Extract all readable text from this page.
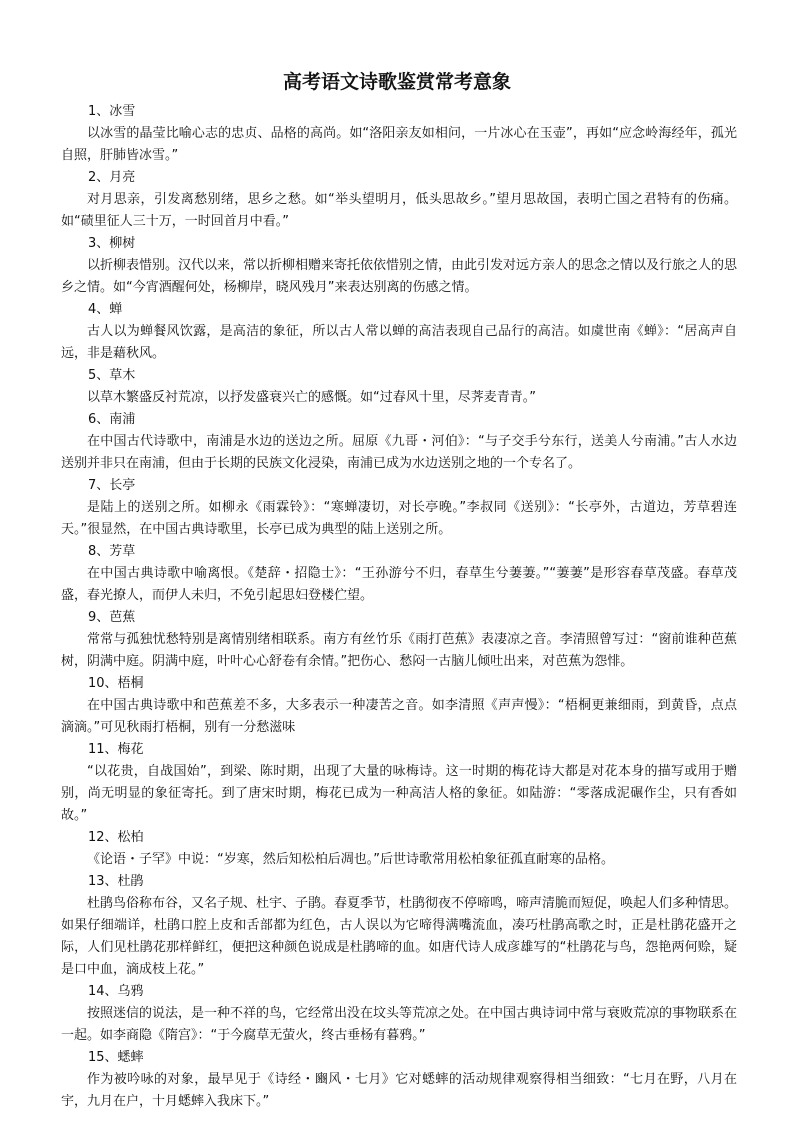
高考语文诗歌鉴赏常考意象
1、冰雪

以冰雪的晶莹比喻心志的忠贞、品格的高尚。如“洛阳亲友如相问，一片冰心在玉壶”，再如“应念岭海经年，孤光自照，肝肺皆冰雪。”

2、月亮

对月思亲，引发离愁别绪，思乡之愁。如“举头望明月，低头思故乡。”望月思故国，表明亡国之君特有的伤痛。如“碛里征人三十万，一时回首月中看。”

3、柳树

以折柳表惜别。汉代以来，常以折柳相赠来寄托依依惜别之情，由此引发对远方亲人的思念之情以及行旅之人的思乡之情。如“今宵酒醒何处，杨柳岸，晓风残月”来表达别离的伤感之情。

4、蝉

古人以为蝉餐风饮露，是高洁的象征，所以古人常以蝉的高洁表现自己品行的高洁。如虞世南《蝉》：“居高声自远，非是藉秋风。

5、草木

以草木繁盛反衬荒凉，以抒发盛衰兴亡的感慨。如“过春风十里，尽荠麦青青。”

6、南浦

在中国古代诗歌中，南浦是水边的送边之所。屈原《九哥・河伯》：“与子交手兮东行，送美人兮南浦。”古人水边送别并非只在南浦，但由于长期的民族文化浸染，南浦已成为水边送别之地的一个专名了。

7、长亭

是陆上的送别之所。如柳永《雨霖铃》：“寒蝉凄切，对长亭晚。”李叔同《送别》：“长亭外，古道边，芳草碧连天。”很显然，在中国古典诗歌里，长亭已成为典型的陆上送别之所。

8、芳草

在中国古典诗歌中喻离恨。《楚辞・招隐士》：“王孙游兮不归，春草生兮萋萋。”“萋萋”是形容春草茂盛。春草茂盛，春光撩人，而伊人未归，不免引起思妇登楼伫望。

9、芭蕉

常常与孤独忧愁特别是离情别绪相联系。南方有丝竹乐《雨打芭蕉》表凄凉之音。李清照曾写过：“窗前谁种芭蕉树，阴满中庭。阴满中庭，叶叶心心舒卷有余情。”把伤心、愁闷一古脑儿倾吐出来，对芭蕉为怨悱。

10、梧桐

在中国古典诗歌中和芭蕉差不多，大多表示一种凄苦之音。如李清照《声声慢》：“梧桐更兼细雨，到黄昏，点点滴滴。”可见秋雨打梧桐，别有一分愁滋味

11、梅花

“以花贵，自战国始”，到梁、陈时期，出现了大量的咏梅诗。这一时期的梅花诗大都是对花本身的描写或用于赠别，尚无明显的象征寄托。到了唐宋时期，梅花已成为一种高洁人格的象征。如陆游：“零落成泥碾作尘，只有香如故。”

12、松柏

《论语・子罕》中说：“岁寒，然后知松柏后凋也。”后世诗歌常用松柏象征孤直耐寒的品格。

13、杜鹃

杜鹃鸟俗称布谷，又名子规、杜宇、子鹃。春夏季节，杜鹃彻夜不停啼鸣，啼声清脆而短促，唤起人们多种情思。如果仔细端详，杜鹃口腔上皮和舌部都为红色，古人误以为它啼得满嘴流血，凑巧杜鹃高歌之时，正是杜鹃花盛开之际，人们见杜鹃花那样鲜红，便把这种颜色说成是杜鹃啼的血。如唐代诗人成彦雄写的“杜鹃花与鸟，怨艳两何赊，疑是口中血，滴成枝上花。”

14、乌鸦

按照迷信的说法，是一种不祥的鸟，它经常出没在坟头等荒凉之处。在中国古典诗词中常与衰败荒凉的事物联系在一起。如李商隐《隋宫》：“于今腐草无萤火，终古垂杨有暮鸦。”

15、蟋蟀

作为被吟咏的对象，最早见于《诗经・豳风・七月》它对蟋蟀的活动规律观察得相当细致：“七月在野，八月在宇，九月在户，十月蟋蟀入我床下。”
